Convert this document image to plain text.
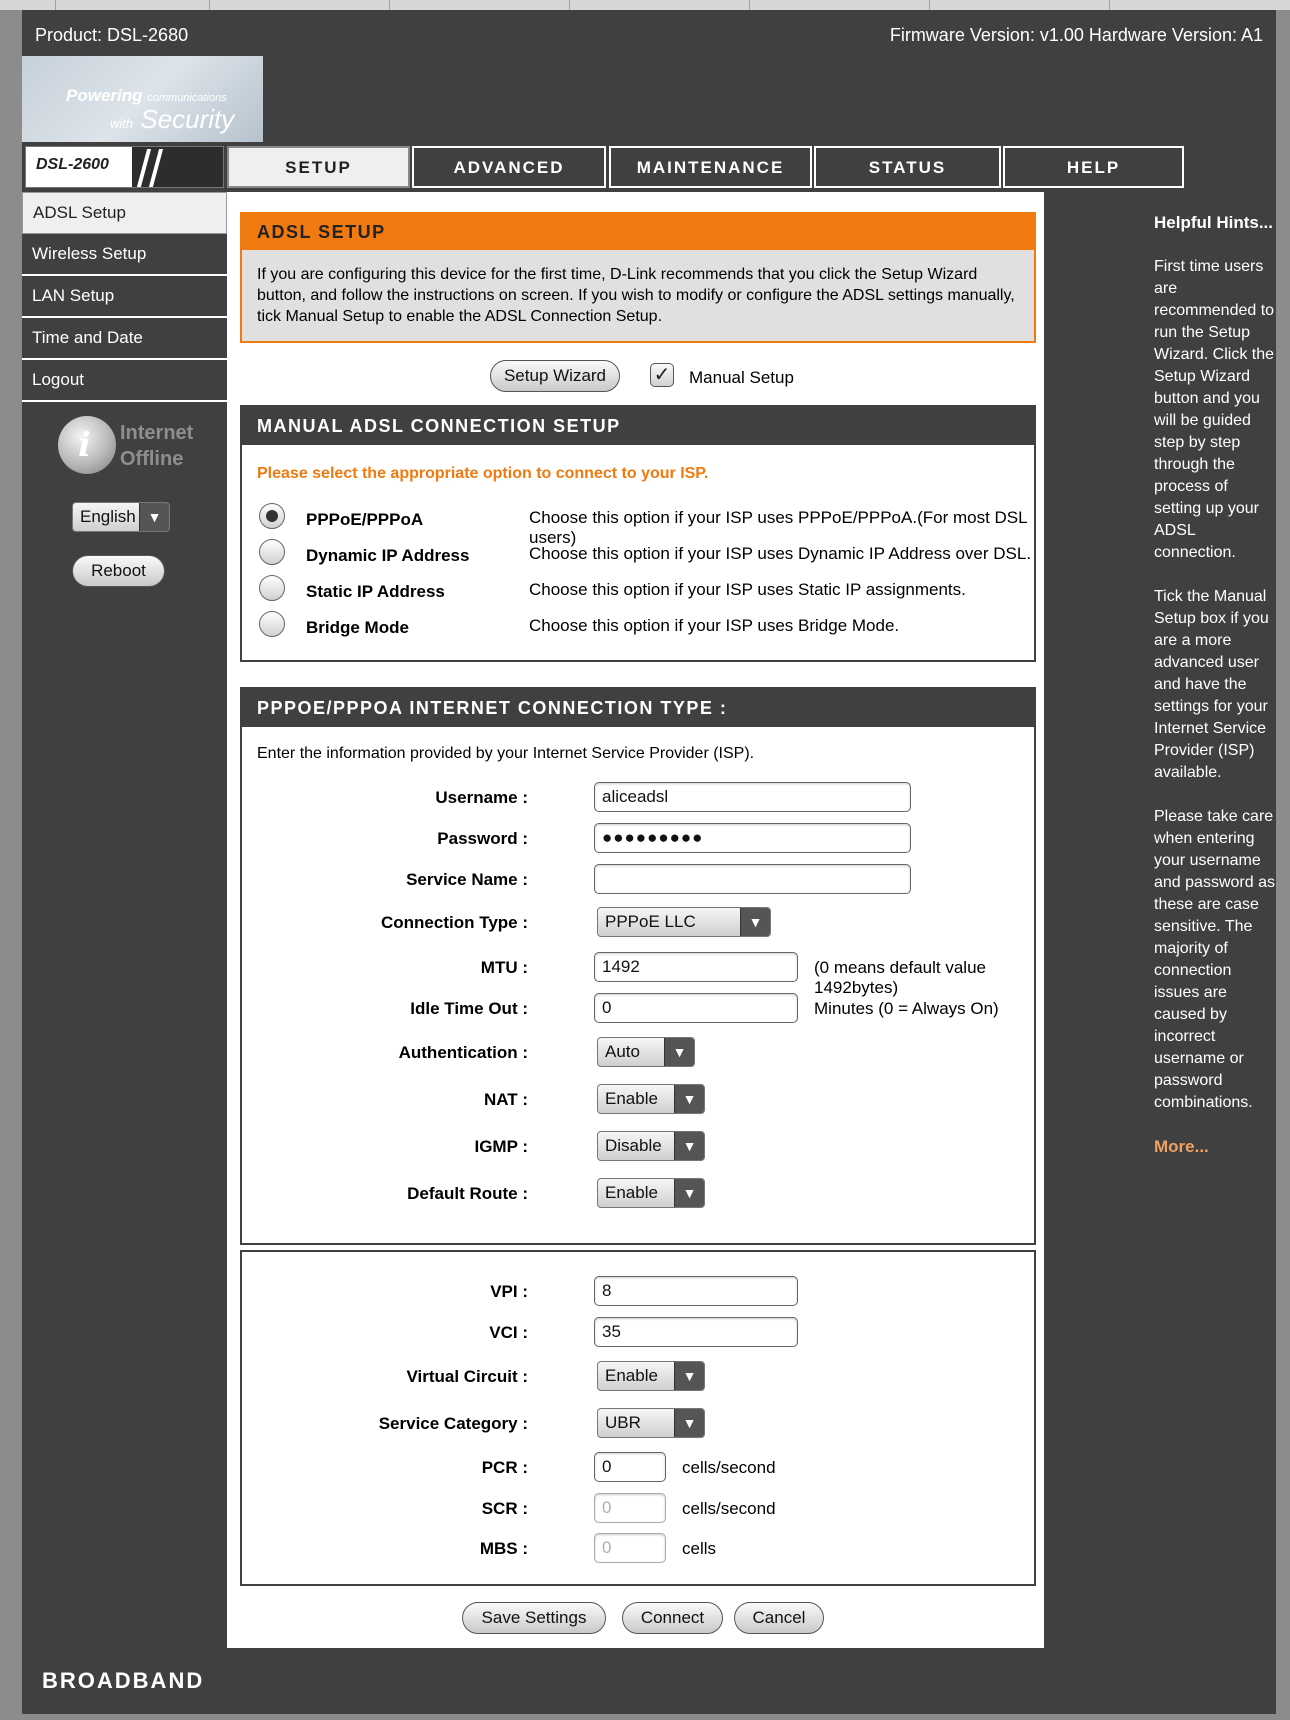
Product: DSL-2680	Firmware Version: v1.00 Hardware Version: A1
Powering communications
with Security
DSL-2600	SETUP	ADVANCED	MAINTENANCE	STATUS	HELP
ADSL Setup
Wireless Setup
LAN Setup
Time and Date
Logout
i Internet
Offline
English ▼
Reboot
ADSL SETUP
If you are configuring this device for the first time, D-Link recommends that you click the Setup Wizard button, and follow the instructions on screen. If you wish to modify or configure the ADSL settings manually, tick Manual Setup to enable the ADSL Connection Setup.
Setup Wizard	✓ Manual Setup
MANUAL ADSL CONNECTION SETUP
Please select the appropriate option to connect to your ISP.
PPPoE/PPPoA	Choose this option if your ISP uses PPPoE/PPPoA.(For most DSL users)
Dynamic IP Address	Choose this option if your ISP uses Dynamic IP Address over DSL.
Static IP Address	Choose this option if your ISP uses Static IP assignments.
Bridge Mode	Choose this option if your ISP uses Bridge Mode.
PPPOE/PPPOA INTERNET CONNECTION TYPE :
Enter the information provided by your Internet Service Provider (ISP).
Username :	aliceadsl
Password :	●●●●●●●●●
Service Name :
Connection Type :	PPPoE LLC	▼
MTU :	1492	(0 means default value 1492bytes)
Idle Time Out :	0	Minutes (0 = Always On)
Authentication :	Auto	▼
NAT :	Enable	▼
IGMP :	Disable	▼
Default Route :	Enable	▼
VPI :	8
VCI :	35
Virtual Circuit :	Enable	▼
Service Category :	UBR	▼
PCR :	0	cells/second
SCR :	0	cells/second
MBS :	0	cells
Save Settings	Connect	Cancel
Helpful Hints...

First time users are recommended to run the Setup Wizard. Click the Setup Wizard button and you will be guided step by step through the process of setting up your ADSL connection.

Tick the Manual Setup box if you are a more advanced user and have the settings for your Internet Service Provider (ISP) available.

Please take care when entering your username and password as these are case sensitive. The majority of connection issues are caused by incorrect username or password combinations.

More...
BROADBAND
